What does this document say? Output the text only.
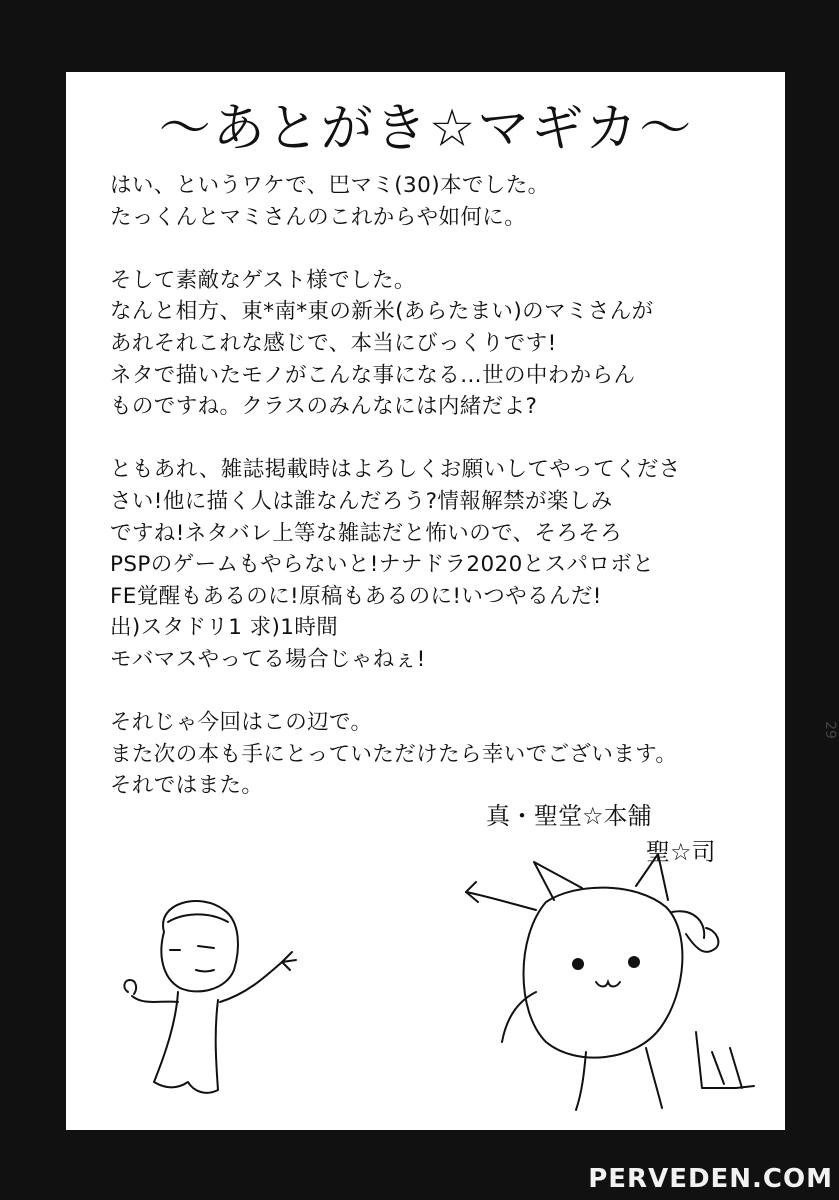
〜あとがき☆マギカ〜
はい、というワケで、巴マミ(30)本でした。
たっくんとマミさんのこれからや如何に。
そして素敵なゲスト様でした。
なんと相方、東*南*東の新米(あらたまい)のマミさんが
あれそれこれな感じで、本当にびっくりです!
ネタで描いたモノがこんな事になる…世の中わからん
ものですね。クラスのみんなには内緒だよ?
ともあれ、雑誌掲載時はよろしくお願いしてやってくださ
さい!他に描く人は誰なんだろう?情報解禁が楽しみ
ですね!ネタバレ上等な雑誌だと怖いので、そろそろ
PSPのゲームもやらないと!ナナドラ2020とスパロボと
FE覚醒もあるのに!原稿もあるのに!いつやるんだ!
出)スタドリ1 求)1時間
モバマスやってる場合じゃねぇ!
それじゃ今回はこの辺で。
また次の本も手にとっていただけたら幸いでございます。
それではまた。
真・聖堂☆本舗
聖☆司
29
PERVEDEN.COM
